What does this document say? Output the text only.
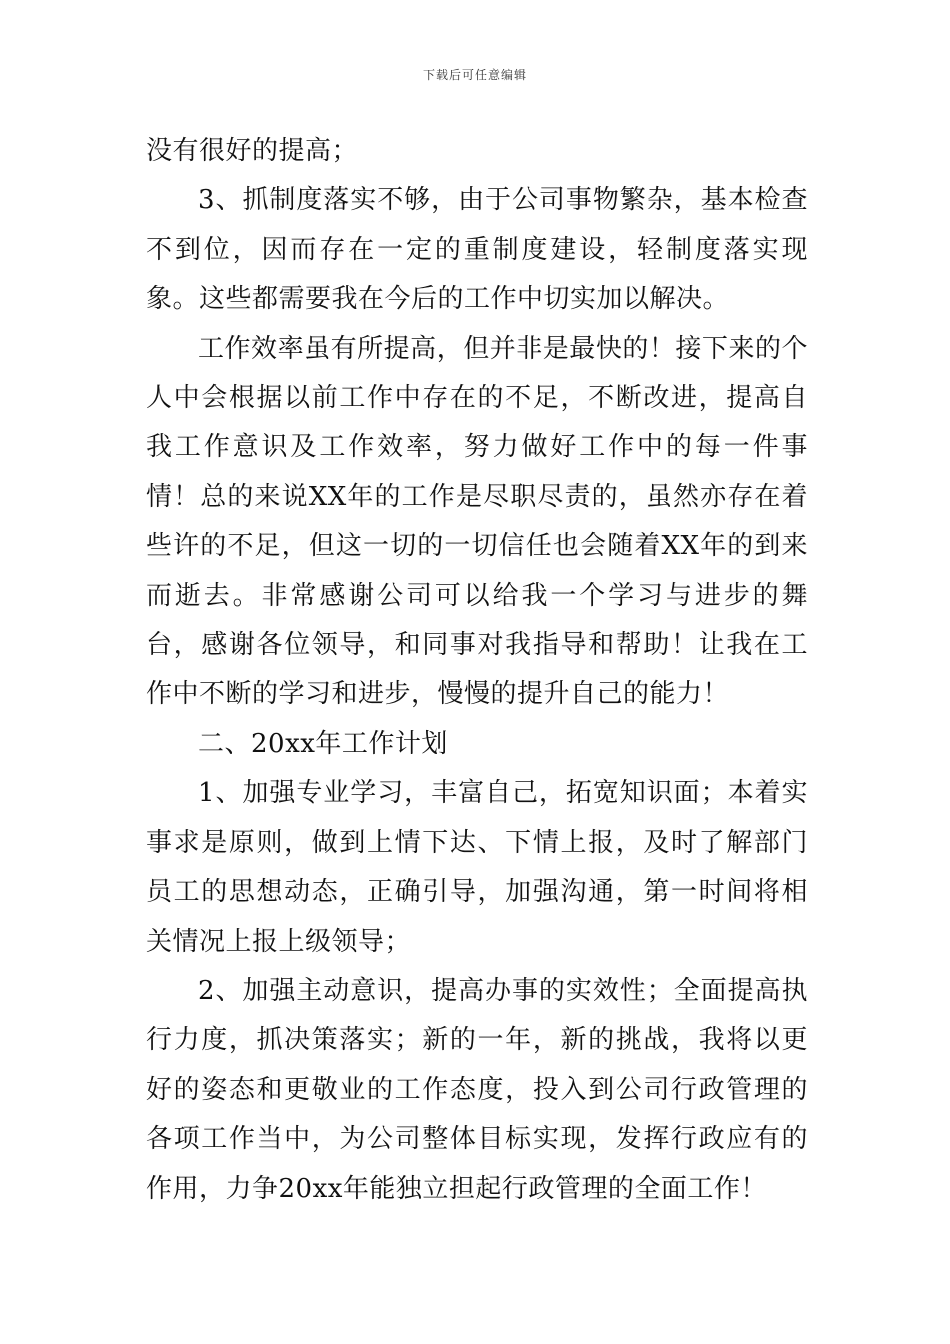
下载后可任意编辑

没有很好的提高；

3、抓制度落实不够，由于公司事物繁杂，基本检查不到位，因而存在一定的重制度建设，轻制度落实现象。这些都需要我在今后的工作中切实加以解决。

工作效率虽有所提高，但并非是最快的！接下来的个人中会根据以前工作中存在的不足，不断改进，提高自我工作意识及工作效率，努力做好工作中的每一件事情！总的来说XX年的工作是尽职尽责的，虽然亦存在着些许的不足，但这一切的一切信任也会随着XX年的到来而逝去。非常感谢公司可以给我一个学习与进步的舞台，感谢各位领导，和同事对我指导和帮助！让我在工作中不断的学习和进步，慢慢的提升自己的能力！

二、20xx年工作计划

1、加强专业学习，丰富自己，拓宽知识面；本着实事求是原则，做到上情下达、下情上报，及时了解部门员工的思想动态，正确引导，加强沟通，第一时间将相关情况上报上级领导；

2、加强主动意识，提高办事的实效性；全面提高执行力度，抓决策落实；新的一年，新的挑战，我将以更好的姿态和更敬业的工作态度，投入到公司行政管理的各项工作当中，为公司整体目标实现，发挥行政应有的作用，力争20xx年能独立担起行政管理的全面工作！
